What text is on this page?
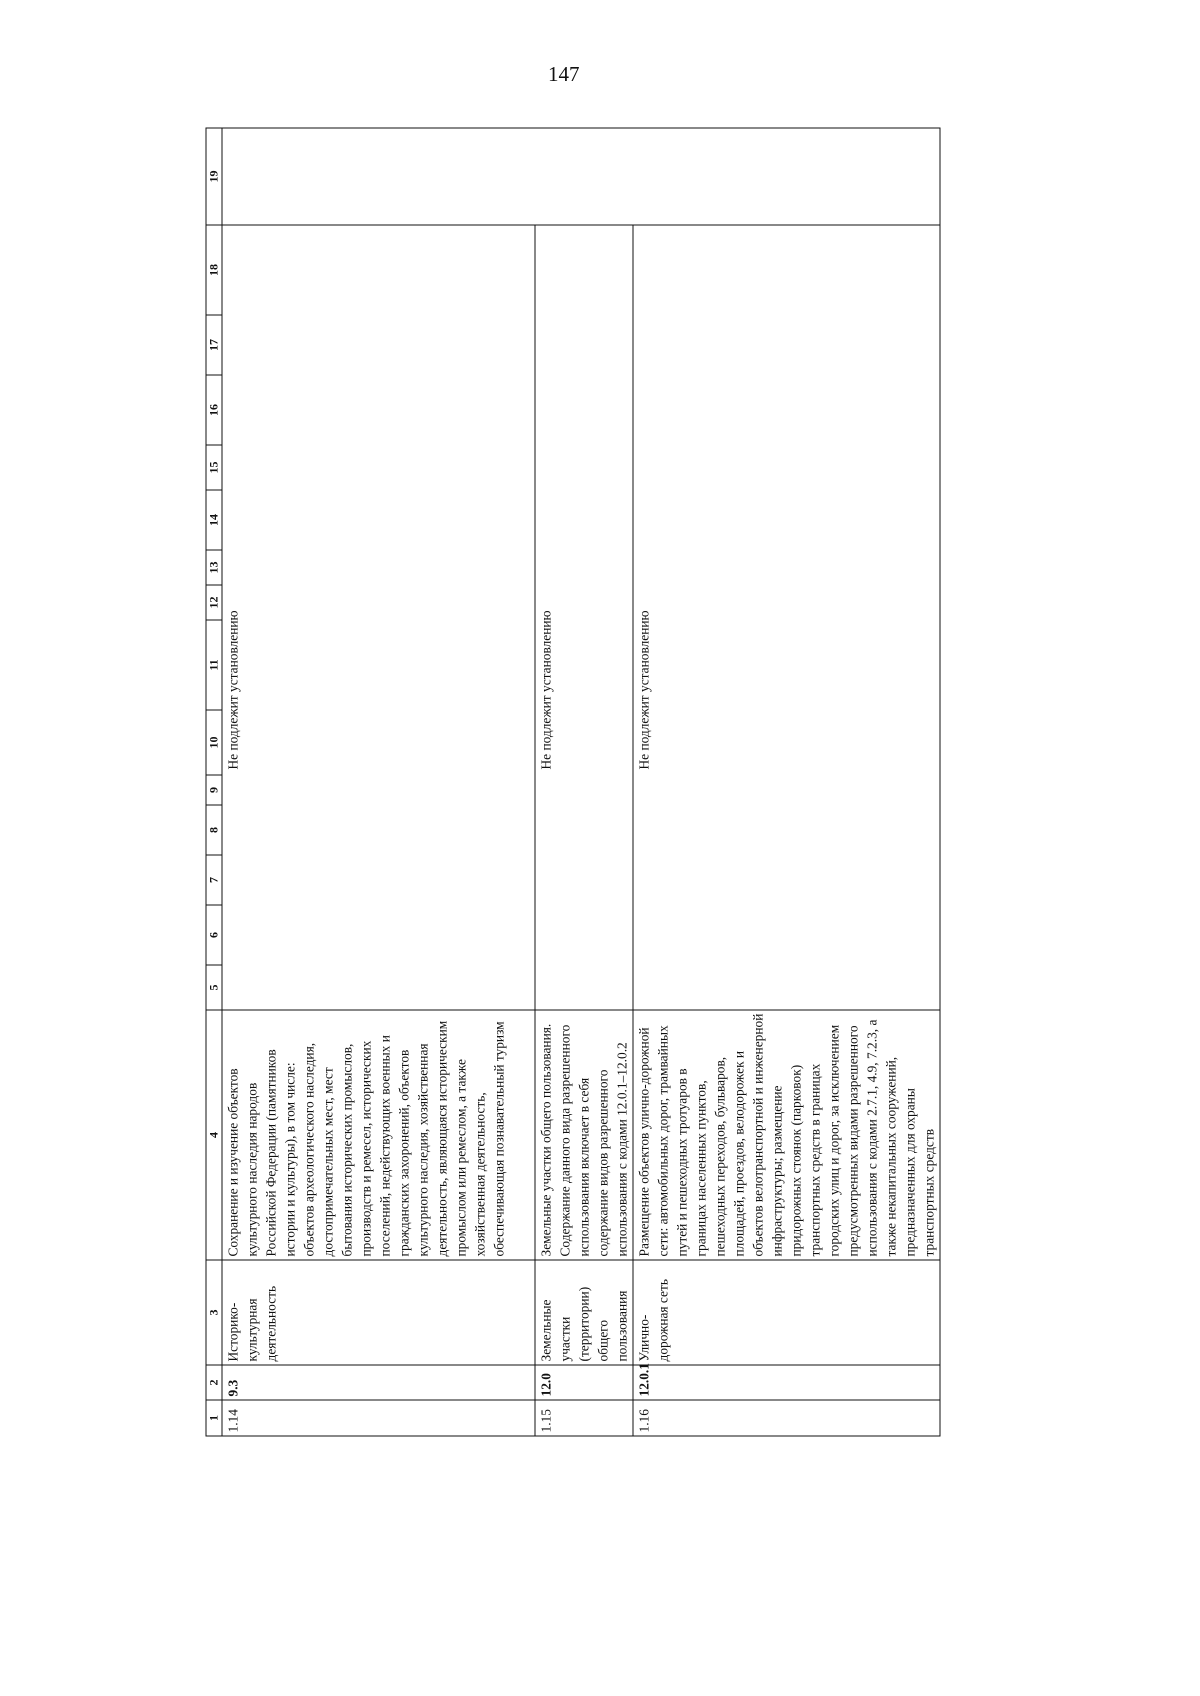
147
1	2	3	4	5	6	7	8	9	10	11	12	13	14	15	16	17	18	19
1.14	9.3	Историко-культурная деятельность	Сохранение и изучение объектов культурного наследия народов Российской Федерации (памятников истории и культуры), в том числе: объектов археологического наследия, достопримечательных мест, мест бытования исторических промыслов, производств и ремесел, исторических поселений, недействующих военных и гражданских захоронений, объектов культурного наследия, хозяйственная деятельность, являющаяся историческим промыслом или ремеслом, а также хозяйственная деятельность, обеспечивающая познавательный туризм	Не подлежит установлению														
1.15	12.0	Земельные участки (территории) общего пользования	Земельные участки общего пользования. Содержание данного вида разрешенного использования включает в себя содержание видов разрешенного использования с кодами 12.0.1–12.0.2	Не подлежит установлению														
1.16	12.0.1	Улично-дорожная сеть	Размещение объектов улично-дорожной сети: автомобильных дорог, трамвайных путей и пешеходных тротуаров в границах населенных пунктов, пешеходных переходов, бульваров, площадей, проездов, велодорожек и объектов велотранспортной и инженерной инфраструктуры; размещение придорожных стоянок (парковок) транспортных средств в границах городских улиц и дорог, за исключением предусмотренных видами разрешенного использования с кодами 2.7.1, 4.9, 7.2.3, а также некапитальных сооружений, предназначенных для охраны транспортных средств	Не подлежит установлению														
